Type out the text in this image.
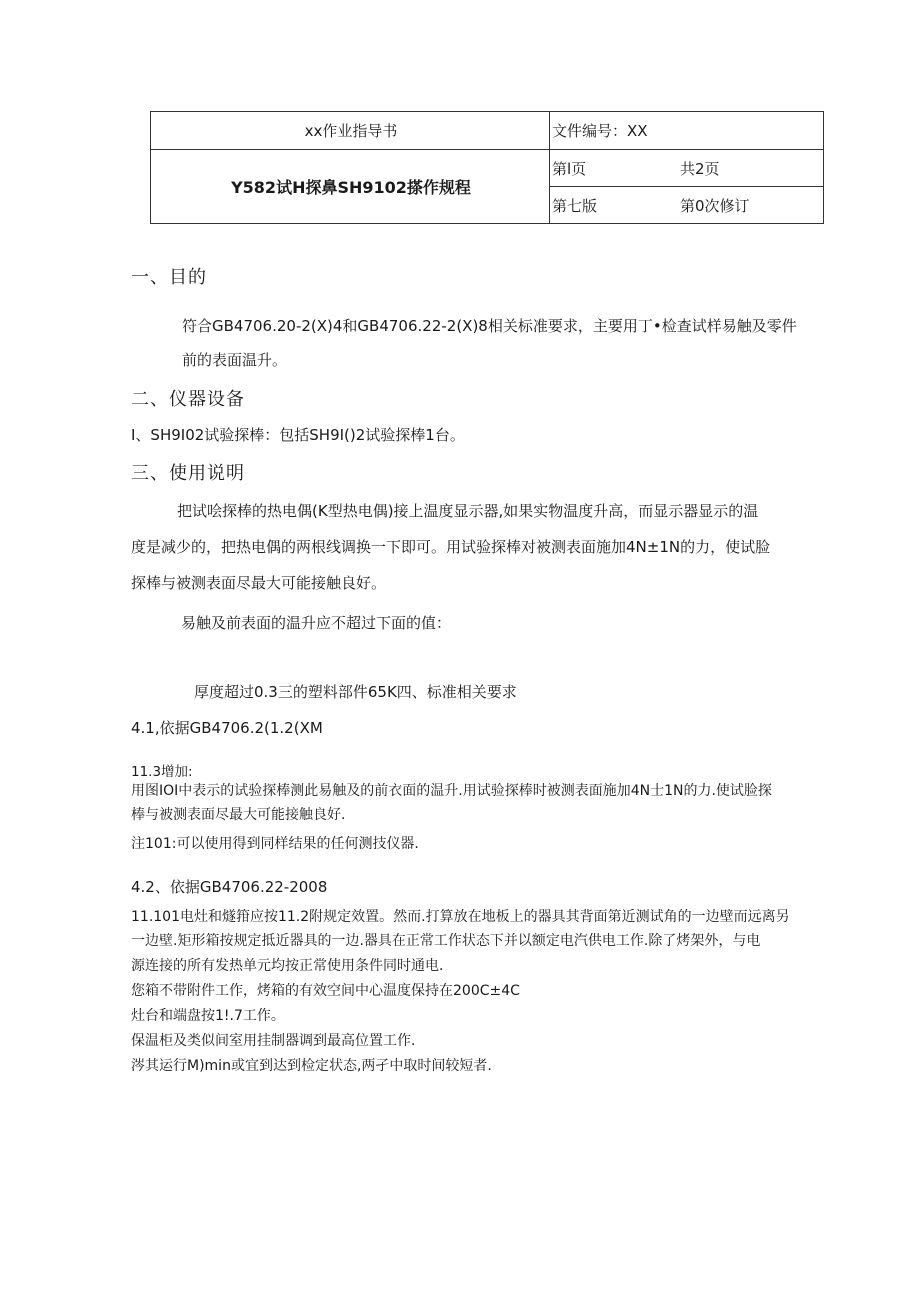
xx作业指导书	文件编号：XX
Y582试H探鼻SH9102搽作规程	第l页 共2页
	第七版 第0次修订
一、目的
符合GB4706.20-2(X)4和GB4706.22-2(X)8相关标准要求，主要用丁•检查试样易触及零件
前的表面温升。
二、仪器设备
I、SH9I02试验探棒：包括SH9I()2试验探棒1台。
三、使用说明
把试哙探棒的热电偶(K型热电偶)接上温度显示器,如果实物温度升高，而显示器显示的温
度是减少的，把热电偶的两根线调换一下即可。用试验探棒对被测表面施加4N±1N的力，使试脸
探棒与被测表面尽最大可能接触良好。
易触及前表面的温升应不超过下面的值：
厚度超过0.3三的塑料部件65K四、标准相关要求
4.1,依据GB4706.2(1.2(XM
11.3增加:
用图IOI中表示的试验探棒测此易触及的前衣面的温升.用试验探棒时被测表面施加4N士1N的力.使试脸探
棒与被测表面尽最大可能接触良好.
注101:可以使用得到同样结果的任何测技仪器.
4.2、依据GB4706.22-2008
11.101电灶和燧箝应按11.2附规定效置。然而.打算放在地板上的器具其背面第近测试角的一边壁而远离另
一边壁.矩形箱按规定抵近器具的一边.器具在正常工作状态下并以额定电汽供电工作.除了烤架外，与电
源连接的所有发热单元均按正常使用条件同时通电.
您箱不带附件工作，烤箱的有效空间中心温度保持在200C±4C
灶台和端盘按1!.7工作。
保温柜及类似间室用挂制器调到最高位置工作.
涔其运行M)min或宜到达到检定状态,两孑中取时间较短者.
